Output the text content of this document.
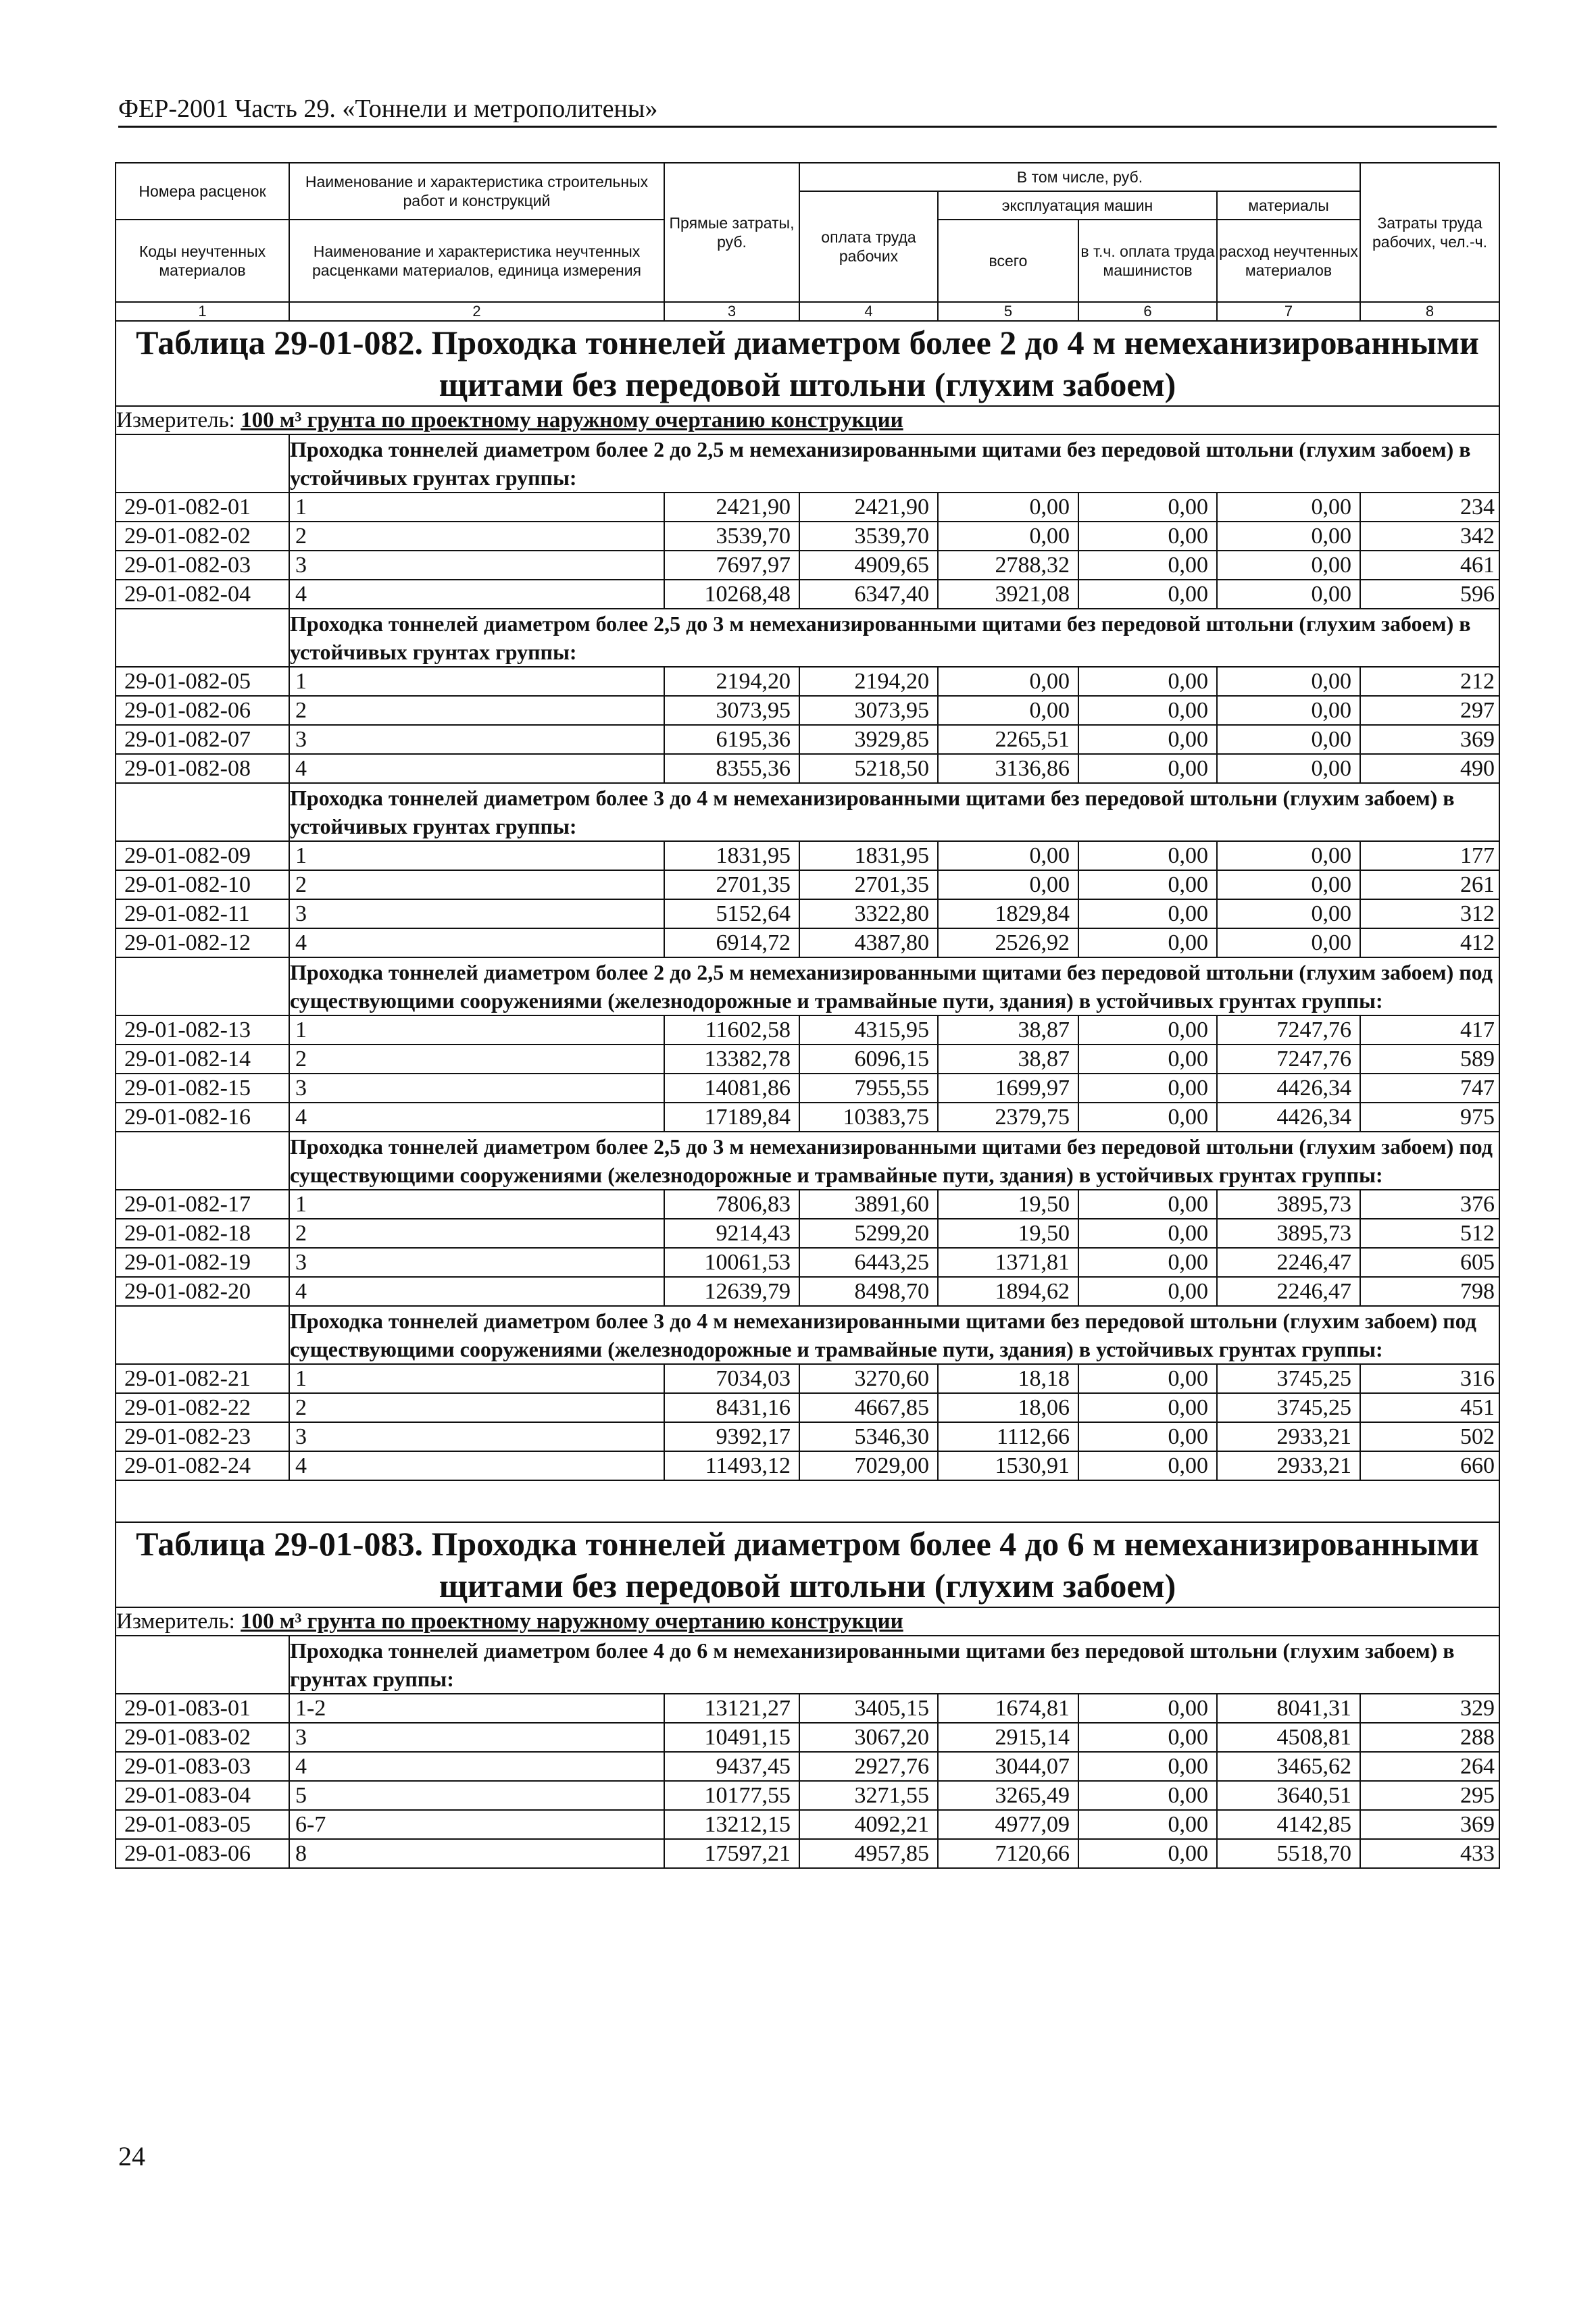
ФЕР-2001 Часть 29. «Тоннели и метрополитены»
Номера расценок	Наименование и характеристика строительных работ и конструкций	Прямые затраты, руб.	В том числе, руб.				Затраты труда рабочих, чел.-ч.
			оплата труда рабочих	эксплуатация машин		материалы	
Коды неучтенных материалов	Наименование и характеристика неучтенных расценками материалов, единица измерения			всего	в т.ч. оплата труда машинистов	расход неучтенных материалов	
1	2	3	4	5	6	7	8
Таблица 29-01-082. Проходка тоннелей диаметром более 2 до 4 м немеханизированными щитами без передовой штольни (глухим забоем)							
Измеритель: 100 м³ грунта по проектному наружному очертанию конструкции							
	Проходка тоннелей диаметром более 2 до 2,5 м немеханизированными щитами без передовой штольни (глухим забоем) в устойчивых грунтах группы:						
29-01-082-01	1	2421,90	2421,90	0,00	0,00	0,00	234
29-01-082-02	2	3539,70	3539,70	0,00	0,00	0,00	342
29-01-082-03	3	7697,97	4909,65	2788,32	0,00	0,00	461
29-01-082-04	4	10268,48	6347,40	3921,08	0,00	0,00	596
	Проходка тоннелей диаметром более 2,5 до 3 м немеханизированными щитами без передовой штольни (глухим забоем) в устойчивых грунтах группы:						
29-01-082-05	1	2194,20	2194,20	0,00	0,00	0,00	212
29-01-082-06	2	3073,95	3073,95	0,00	0,00	0,00	297
29-01-082-07	3	6195,36	3929,85	2265,51	0,00	0,00	369
29-01-082-08	4	8355,36	5218,50	3136,86	0,00	0,00	490
	Проходка тоннелей диаметром более 3 до 4 м немеханизированными щитами без передовой штольни (глухим забоем) в устойчивых грунтах группы:						
29-01-082-09	1	1831,95	1831,95	0,00	0,00	0,00	177
29-01-082-10	2	2701,35	2701,35	0,00	0,00	0,00	261
29-01-082-11	3	5152,64	3322,80	1829,84	0,00	0,00	312
29-01-082-12	4	6914,72	4387,80	2526,92	0,00	0,00	412
	Проходка тоннелей диаметром более 2 до 2,5 м немеханизированными щитами без передовой штольни (глухим забоем) под существующими сооружениями (железнодорожные и трамвайные пути, здания) в устойчивых грунтах группы:						
29-01-082-13	1	11602,58	4315,95	38,87	0,00	7247,76	417
29-01-082-14	2	13382,78	6096,15	38,87	0,00	7247,76	589
29-01-082-15	3	14081,86	7955,55	1699,97	0,00	4426,34	747
29-01-082-16	4	17189,84	10383,75	2379,75	0,00	4426,34	975
	Проходка тоннелей диаметром более 2,5 до 3 м немеханизированными щитами без передовой штольни (глухим забоем) под существующими сооружениями (железнодорожные и трамвайные пути, здания) в устойчивых грунтах группы:						
29-01-082-17	1	7806,83	3891,60	19,50	0,00	3895,73	376
29-01-082-18	2	9214,43	5299,20	19,50	0,00	3895,73	512
29-01-082-19	3	10061,53	6443,25	1371,81	0,00	2246,47	605
29-01-082-20	4	12639,79	8498,70	1894,62	0,00	2246,47	798
	Проходка тоннелей диаметром более 3 до 4 м немеханизированными щитами без передовой штольни (глухим забоем) под существующими сооружениями (железнодорожные и трамвайные пути, здания) в устойчивых грунтах группы:						
29-01-082-21	1	7034,03	3270,60	18,18	0,00	3745,25	316
29-01-082-22	2	8431,16	4667,85	18,06	0,00	3745,25	451
29-01-082-23	3	9392,17	5346,30	1112,66	0,00	2933,21	502
29-01-082-24	4	11493,12	7029,00	1530,91	0,00	2933,21	660

Таблица 29-01-083. Проходка тоннелей диаметром более 4 до 6 м немеханизированными щитами без передовой штольни (глухим забоем)							
Измеритель: 100 м³ грунта по проектному наружному очертанию конструкции							
	Проходка тоннелей диаметром более 4 до 6 м немеханизированными щитами без передовой штольни (глухим забоем) в грунтах группы:						
29-01-083-01	1-2	13121,27	3405,15	1674,81	0,00	8041,31	329
29-01-083-02	3	10491,15	3067,20	2915,14	0,00	4508,81	288
29-01-083-03	4	9437,45	2927,76	3044,07	0,00	3465,62	264
29-01-083-04	5	10177,55	3271,55	3265,49	0,00	3640,51	295
29-01-083-05	6-7	13212,15	4092,21	4977,09	0,00	4142,85	369
29-01-083-06	8	17597,21	4957,85	7120,66	0,00	5518,70	433
24
